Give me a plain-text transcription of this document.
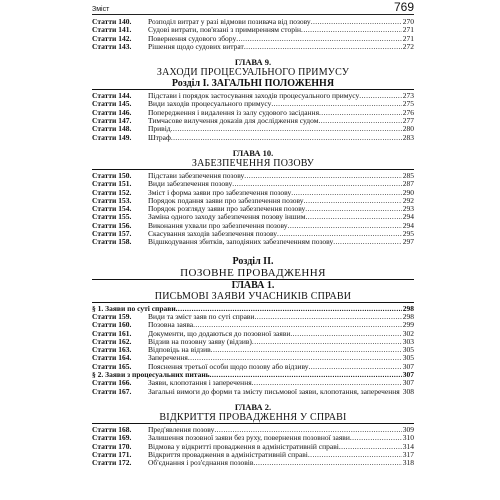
Зміст	769
Статти 140.	Розподіл витрат у разі відмови позивача від позову .....	270
Статти 141.	Судові витрати, пов'язані з примиренням сторін .....	271
Статти 142.	Повернення судового збору .....	271
Статти 143.	Рішення щодо судових витрат .....	272
ГЛАВА 9.
ЗАХОДИ ПРОЦЕСУАЛЬНОГО ПРИМУСУ
Розділ І. ЗАГАЛЬНІ ПОЛОЖЕННЯ
Статти 144.	Підстави і порядок застосування заходів процесуального примусу .....	273
Статти 145.	Види заходів процесуального примусу .....	275
Статти 146.	Попередження і видалення із залу судового засідання .....	276
Статти 147.	Тимчасове вилучення доказів для дослідження судом .....	277
Статти 148.	Привід .....	280
Статти 149.	Штраф .....	283
ГЛАВА 10.
ЗАБЕЗПЕЧЕННЯ ПОЗОВУ
Статти 150.	Підстави забезпечення позову .....	285
Статти 151.	Види забезпечення позову .....	287
Статти 152.	Зміст і форма заяви про забезпечення позову .....	290
Статти 153.	Порядок подання заяви про забезпечення позову .....	292
Статти 154.	Порядок розгляду заяви про забезпечення позову .....	293
Статти 155.	Заміна одного заходу забезпечення позову іншим .....	294
Статти 156.	Виконання ухвали про забезпечення позову .....	294
Статти 157.	Скасування заходів забезпечення позову .....	295
Статти 158.	Відшкодування збитків, заподіяних забезпеченням позову .....	297
Розділ II.
ПОЗОВНЕ ПРОВАДЖЕННЯ
ГЛАВА 1.
ПИСЬМОВІ ЗАЯВИ УЧАСНИКІВ СПРАВИ
§ 1. Заяви по суті справи .....	298
Статти 159.	Види та зміст заяв по суті справи .....	298
Статти 160.	Позовна заява .....	299
Статти 161.	Документи, що додаються до позовної заяви .....	302
Статти 162.	Відзив на позовну заяву (відзив) .....	303
Статти 163.	Відповідь на відзив .....	305
Статти 164.	Заперечення .....	305
Статти 165.	Пояснення третьої особи щодо позову або відзиву .....	307
§ 2. Заяви з процесуальних питань .....	307
Статти 166.	Заяви, клопотання і заперечення .....	307
Статти 167.	Загальні вимоги до форми та змісту письмової заяви, клопотання, заперечення 308
ГЛАВА 2.
ВІДКРИТТЯ ПРОВАДЖЕННЯ У СПРАВІ
Статти 168.	Пред'явлення позову .....	309
Статти 169.	Залишення позовної заяви без руху, повернення позовної заяви .....	310
Статти 170.	Відмова у відкритті провадження в адміністративній справі .....	314
Статти 171.	Відкриття провадження в адміністративній справі .....	317
Статти 172.	Об'єднання і роз'єднання позовів .....	318
